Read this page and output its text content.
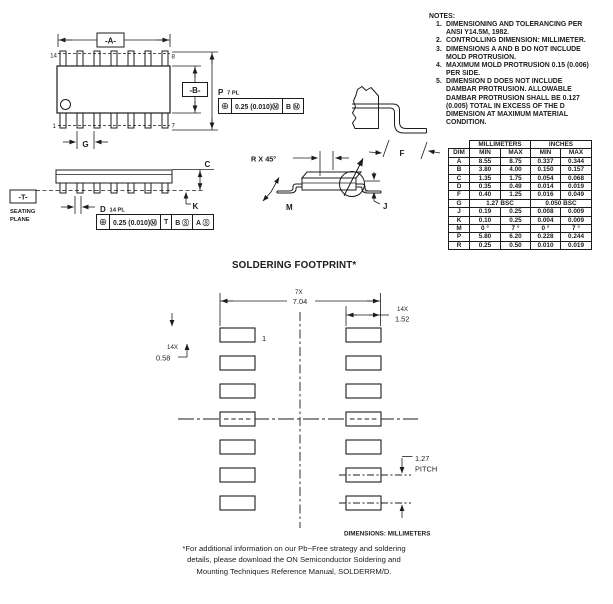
-A-
-B- P 7 PL
G
14	8
1	7
-T-
SEATING
PLANE
C
K
D 14 PL
R X 45°
M	J
F
7X
7.04
14X
1.52
14X
0.58
1
1.27
PITCH
DIMENSIONS: MILLIMETERS
⊕ 0.25 (0.010)Ⓜ	B Ⓜ
⊕ 0.25 (0.010)Ⓜ	T	B Ⓢ	A Ⓢ
NOTES:
1. DIMENSIONING AND TOLERANCING PER
ANSI Y14.5M, 1982.
2. CONTROLLING DIMENSION: MILLIMETER.
3. DIMENSIONS A AND B DO NOT INCLUDE
MOLD PROTRUSION.
4. MAXIMUM MOLD PROTRUSION 0.15 (0.006)
PER SIDE.
5. DIMENSION D DOES NOT INCLUDE
DAMBAR PROTRUSION. ALLOWABLE
DAMBAR PROTRUSION SHALL BE 0.127
(0.005) TOTAL IN EXCESS OF THE D
DIMENSION AT MAXIMUM MATERIAL
CONDITION.
	MILLIMETERS		INCHES	
DIM	MIN	MAX	MIN	MAX
A	8.55	8.75	0.337	0.344
B	3.80	4.00	0.150	0.157
C	1.35	1.75	0.054	0.068
D	0.35	0.49	0.014	0.019
F	0.40	1.25	0.016	0.049
G	1.27 BSC		0.050 BSC	
J	0.19	0.25	0.008	0.009
K	0.10	0.25	0.004	0.009
M	0 °	7 °	0 °	7 °
P	5.80	6.20	0.228	0.244
R	0.25	0.50	0.010	0.019
SOLDERING FOOTPRINT*
*For additional information on our Pb−Free strategy and soldering
details, please download the ON Semiconductor Soldering and
Mounting Techniques Reference Manual, SOLDERRM/D.
